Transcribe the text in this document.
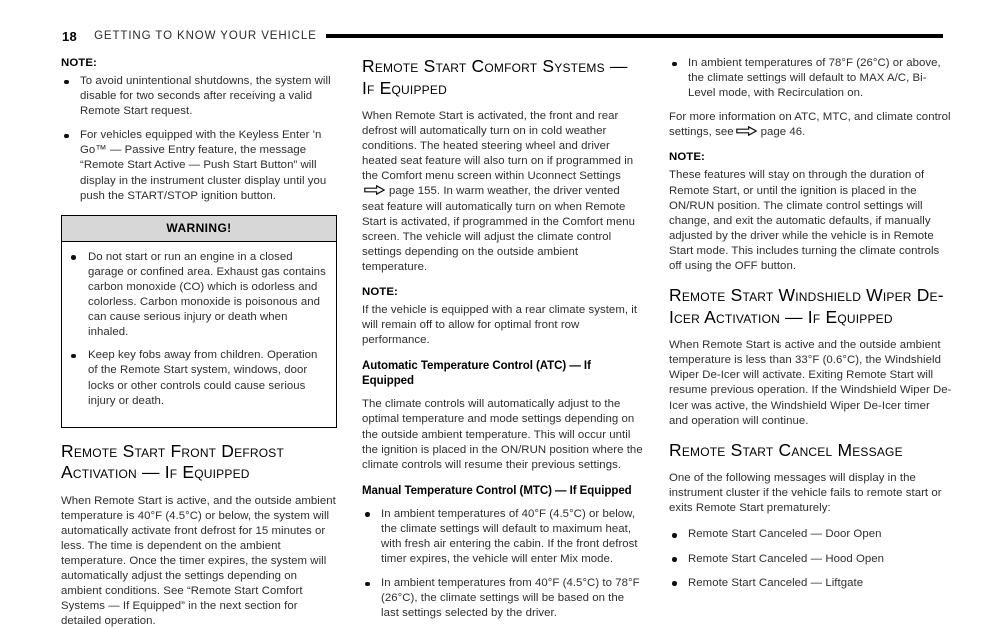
18 GETTING TO KNOW YOUR VEHICLE
NOTE:
To avoid unintentional shutdowns, the system will disable for two seconds after receiving a valid Remote Start request.
For vehicles equipped with the Keyless Enter 'n Go™ — Passive Entry feature, the message “Remote Start Active — Push Start Button” will display in the instrument cluster display until you push the START/STOP ignition button.
WARNING!
Do not start or run an engine in a closed garage or confined area. Exhaust gas contains carbon monoxide (CO) which is odorless and colorless. Carbon monoxide is poisonous and can cause serious injury or death when inhaled.
Keep key fobs away from children. Operation of the Remote Start system, windows, door locks or other controls could cause serious injury or death.
Remote Start Front Defrost Activation — If Equipped

When Remote Start is active, and the outside ambient temperature is 40°F (4.5°C) or below, the system will automatically activate front defrost for 15 minutes or less. The time is dependent on the ambient temperature. Once the timer expires, the system will automatically adjust the settings depending on ambient conditions. See “Remote Start Comfort Systems — If Equipped” in the next section for detailed operation.

Remote Start Comfort Systems — If Equipped

When Remote Start is activated, the front and rear defrost will automatically turn on in cold weather conditions. The heated steering wheel and driver heated seat feature will also turn on if programmed in the Comfort menu screen within Uconnect Settings
page 155. In warm weather, the driver vented seat feature will automatically turn on when Remote Start is activated, if programmed in the Comfort menu screen. The vehicle will adjust the climate control settings depending on the outside ambient temperature.

NOTE:

If the vehicle is equipped with a rear climate system, it will remain off to allow for optimal front row performance.

Automatic Temperature Control (ATC) — If Equipped

The climate controls will automatically adjust to the optimal temperature and mode settings depending on the outside ambient temperature. This will occur until the ignition is placed in the ON/RUN position where the climate controls will resume their previous settings.

Manual Temperature Control (MTC) — If Equipped
In ambient temperatures of 40°F (4.5°C) or below, the climate settings will default to maximum heat, with fresh air entering the cabin. If the front defrost timer expires, the vehicle will enter Mix mode.
In ambient temperatures from 40°F (4.5°C) to 78°F (26°C), the climate settings will be based on the last settings selected by the driver.
In ambient temperatures of 78°F (26°C) or above, the climate settings will default to MAX A/C, Bi-Level mode, with Recirculation on.

For more information on ATC, MTC, and climate control settings, see page 46.

NOTE:

These features will stay on through the duration of Remote Start, or until the ignition is placed in the ON/RUN position. The climate control settings will change, and exit the automatic defaults, if manually adjusted by the driver while the vehicle is in Remote Start mode. This includes turning the climate controls off using the OFF button.

Remote Start Windshield Wiper De-Icer Activation — If Equipped

When Remote Start is active and the outside ambient temperature is less than 33°F (0.6°C), the Windshield Wiper De-Icer will activate. Exiting Remote Start will resume previous operation. If the Windshield Wiper De-Icer was active, the Windshield Wiper De-Icer timer and operation will continue.

Remote Start Cancel Message

One of the following messages will display in the instrument cluster if the vehicle fails to remote start or exits Remote Start prematurely:

Remote Start Canceled — Door Open
Remote Start Canceled — Hood Open
Remote Start Canceled — Liftgate
